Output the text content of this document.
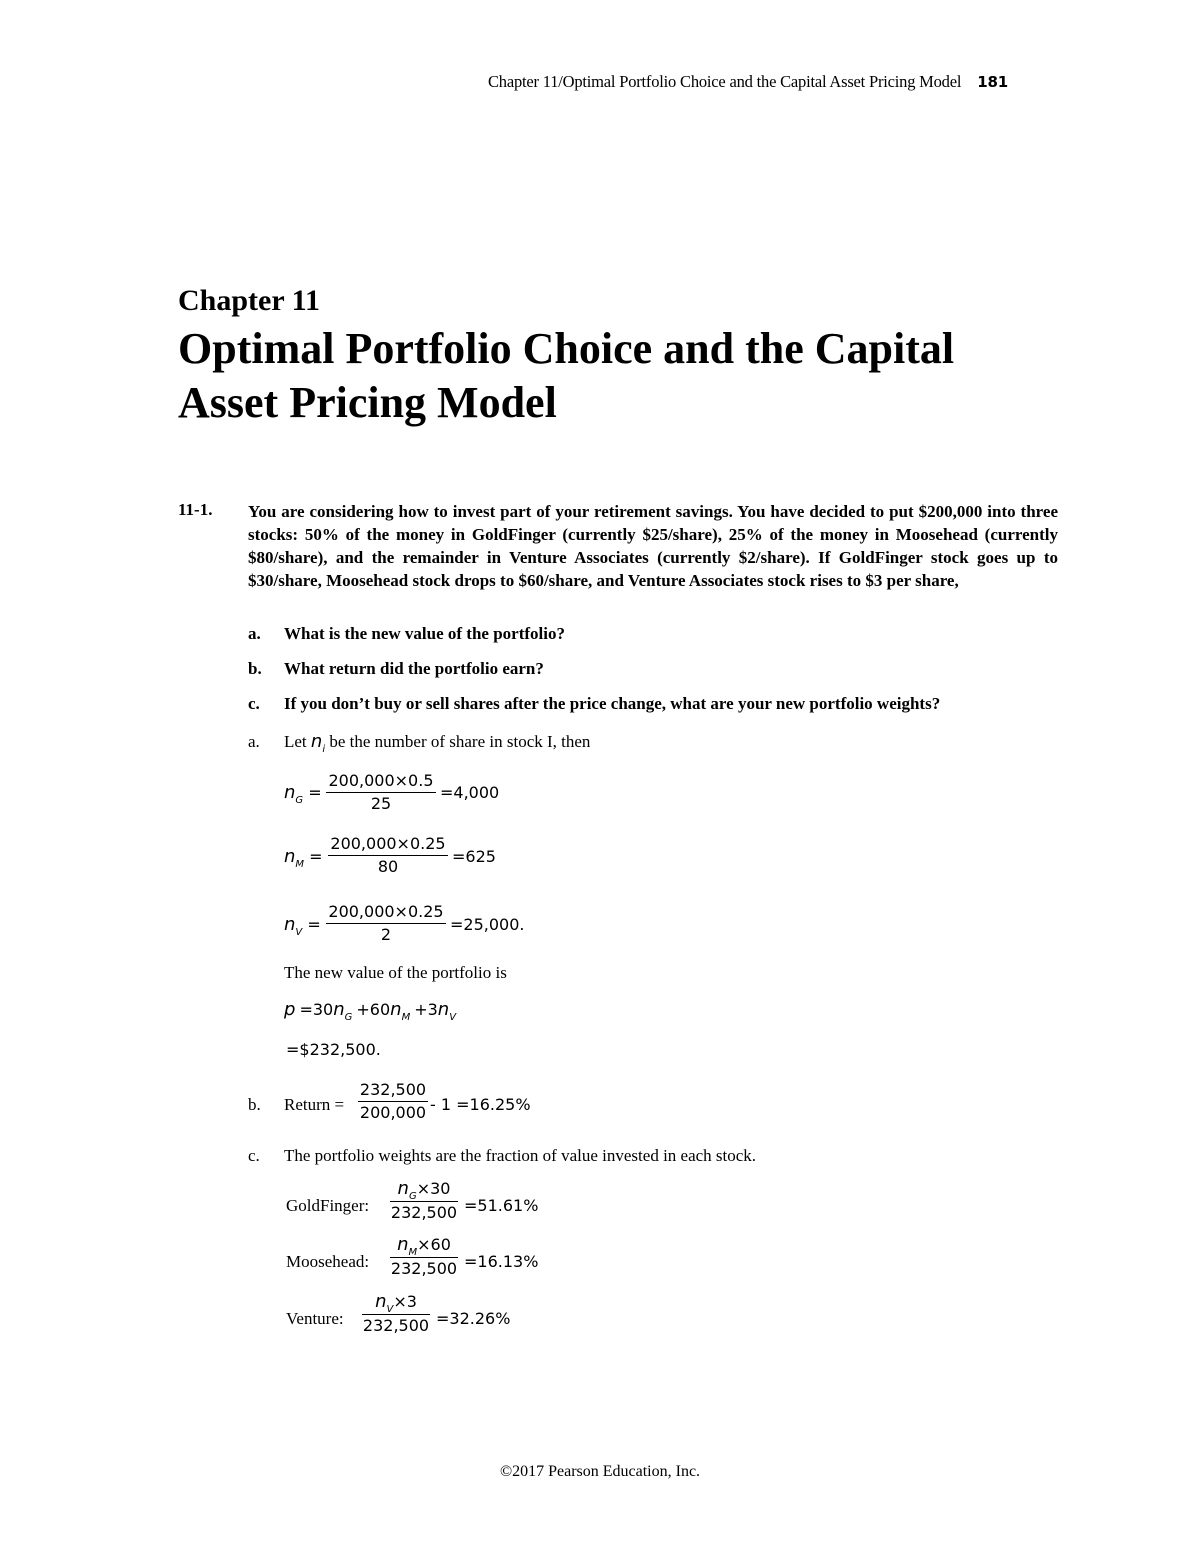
Chapter 11/Optimal Portfolio Choice and the Capital Asset Pricing Model 181
Chapter 11
Optimal Portfolio Choice and the Capital
Asset Pricing Model
11-1. You are considering how to invest part of your retirement savings. You have decided to put $200,000 into three stocks: 50% of the money in GoldFinger (currently $25/share), 25% of the money in Moosehead (currently $80/share), and the remainder in Venture Associates (currently $2/share). If GoldFinger stock goes up to $30/share, Moosehead stock drops to $60/share, and Venture Associates stock rises to $3 per share,
a. What is the new value of the portfolio?
b. What return did the portfolio earn?
c. If you don’t buy or sell shares after the price change, what are your new portfolio weights?
a. Let $n_i$ be the number of share in stock I, then
$n_G$ =
200,000×0.5
25
=4,000
$n_M$ =
200,000×0.25
80
=625
$n_V$ =
200,000×0.25
2
=25,000.
The new value of the portfolio is
$p =30n_G +60n_M +3n_V$
=$232,500.
b. Return =
232,500
200,000 - 1 =16.25%
c. The portfolio weights are the fraction of value invested in each stock.
GoldFinger:
$n_G\times 30$
232,500 =51.61%
Moosehead:
$n_M\times 60$
232,500 =16.13%
Venture:
$n_V\times 3$
232,500 =32.26%
©2017 Pearson Education, Inc.
